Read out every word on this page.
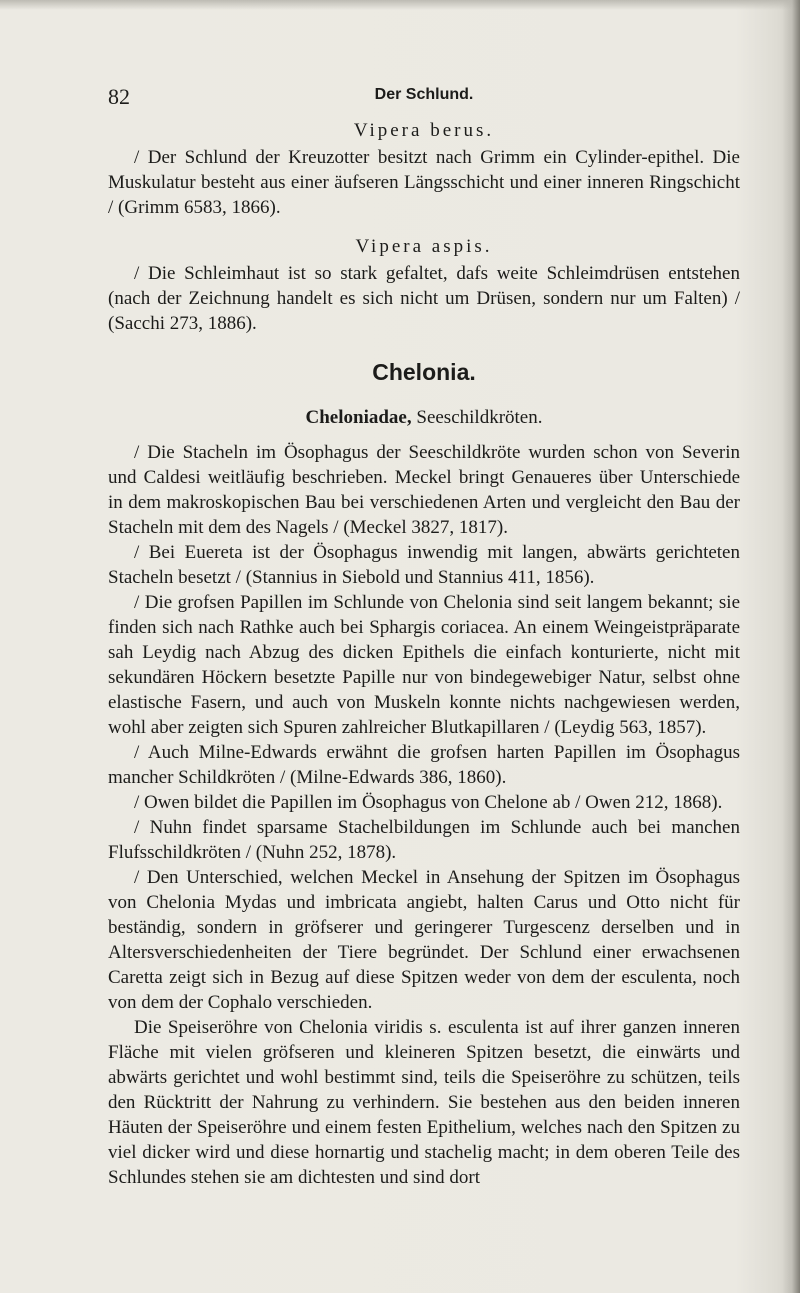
82	Der Schlund.
Vipera berus.

/ Der Schlund der Kreuzotter besitzt nach Grimm ein Cylinder-epithel. Die Muskulatur besteht aus einer äufseren Längsschicht und einer inneren Ringschicht / (Grimm 6583, 1866).

Vipera aspis.

/ Die Schleimhaut ist so stark gefaltet, dafs weite Schleimdrüsen entstehen (nach der Zeichnung handelt es sich nicht um Drüsen, sondern nur um Falten) / (Sacchi 273, 1886).

Chelonia.
Cheloniadae, Seeschildkröten.

/ Die Stacheln im Ösophagus der Seeschildkröte wurden schon von Severin und Caldesi weitläufig beschrieben. Meckel bringt Genaueres über Unterschiede in dem makroskopischen Bau bei verschiedenen Arten und vergleicht den Bau der Stacheln mit dem des Nagels / (Meckel 3827, 1817).

/ Bei Euereta ist der Ösophagus inwendig mit langen, abwärts gerichteten Stacheln besetzt / (Stannius in Siebold und Stannius 411, 1856).

/ Die grofsen Papillen im Schlunde von Chelonia sind seit langem bekannt; sie finden sich nach Rathke auch bei Sphargis coriacea. An einem Weingeistpräparate sah Leydig nach Abzug des dicken Epithels die einfach konturierte, nicht mit sekundären Höckern besetzte Papille nur von bindegewebiger Natur, selbst ohne elastische Fasern, und auch von Muskeln konnte nichts nachgewiesen werden, wohl aber zeigten sich Spuren zahlreicher Blutkapillaren / (Leydig 563, 1857).

/ Auch Milne-Edwards erwähnt die grofsen harten Papillen im Ösophagus mancher Schildkröten / (Milne-Edwards 386, 1860).

/ Owen bildet die Papillen im Ösophagus von Chelone ab / Owen 212, 1868).

/ Nuhn findet sparsame Stachelbildungen im Schlunde auch bei manchen Flufsschildkröten / (Nuhn 252, 1878).

/ Den Unterschied, welchen Meckel in Ansehung der Spitzen im Ösophagus von Chelonia Mydas und imbricata angiebt, halten Carus und Otto nicht für beständig, sondern in gröfserer und geringerer Turgescenz derselben und in Altersverschiedenheiten der Tiere begründet. Der Schlund einer erwachsenen Caretta zeigt sich in Bezug auf diese Spitzen weder von dem der esculenta, noch von dem der Cophalo verschieden.

Die Speiseröhre von Chelonia viridis s. esculenta ist auf ihrer ganzen inneren Fläche mit vielen gröfseren und kleineren Spitzen besetzt, die einwärts und abwärts gerichtet und wohl bestimmt sind, teils die Speiseröhre zu schützen, teils den Rücktritt der Nahrung zu verhindern. Sie bestehen aus den beiden inneren Häuten der Speiseröhre und einem festen Epithelium, welches nach den Spitzen zu viel dicker wird und diese hornartig und stachelig macht; in dem oberen Teile des Schlundes stehen sie am dichtesten und sind dort
